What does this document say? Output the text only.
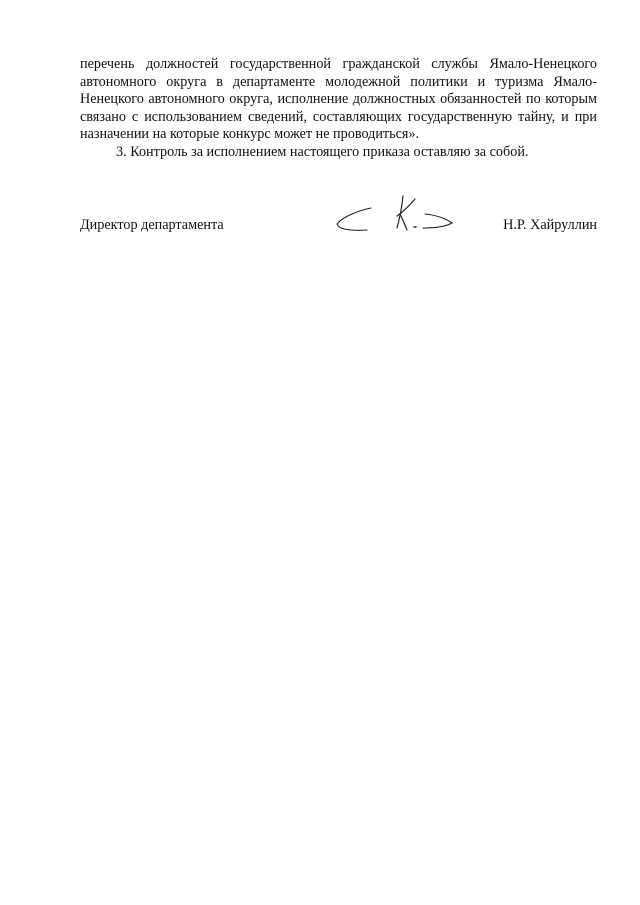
перечень должностей государственной гражданской службы Ямало-Ненецкого автономного округа в департаменте молодежной политики и туризма Ямало-Ненецкого автономного округа, исполнение должностных обязанностей по которым связано с использованием сведений, составляющих государственную тайну, и при назначении на которые конкурс может не проводиться».

3. Контроль за исполнением настоящего приказа оставляю за собой.

Директор департамента	Н.Р. Хайруллин
